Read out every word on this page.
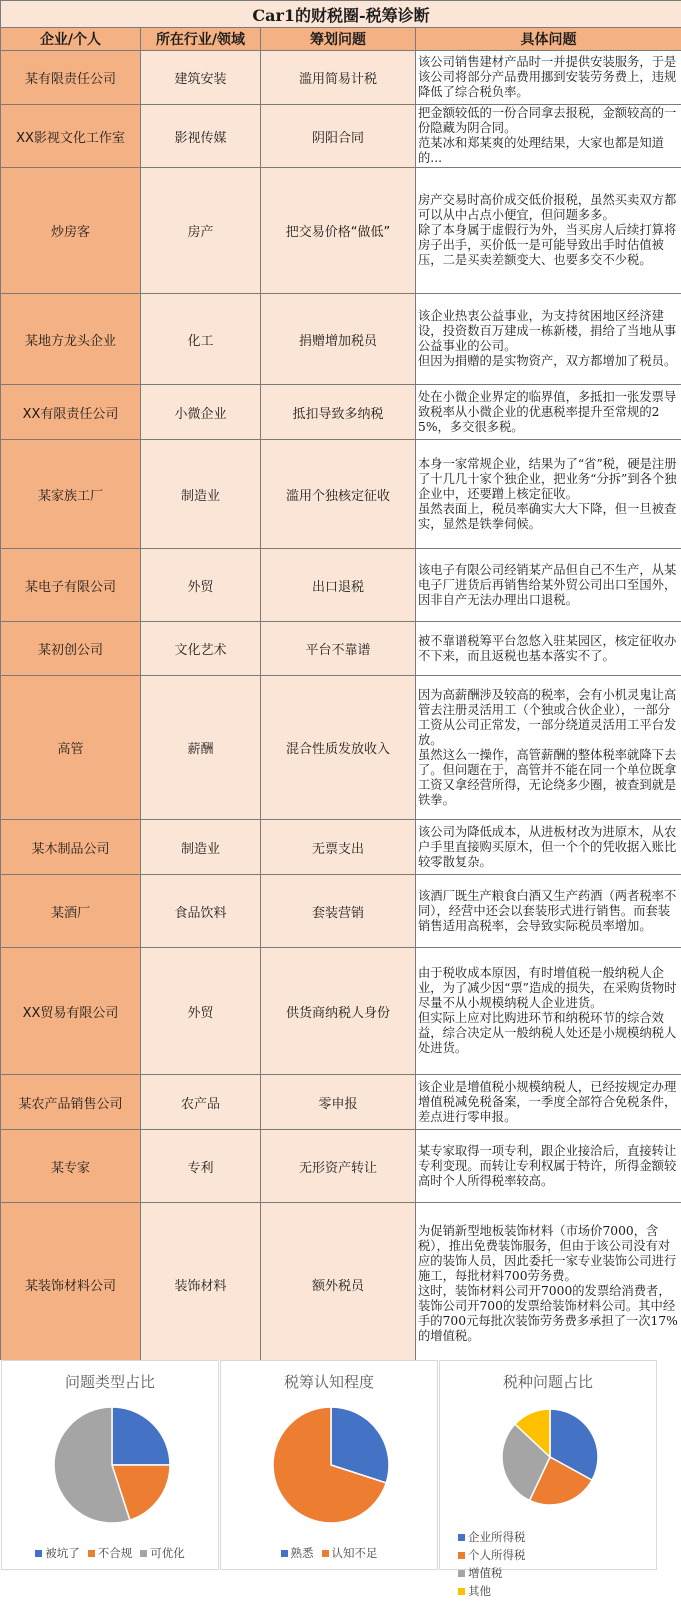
Car1的财税圈-税筹诊断			
企业/个人	所在行业/领域	筹划问题	具体问题
某有限责任公司	建筑安装	滥用简易计税	该公司销售建材产品时一并提供安装服务，于是该公司将部分产品费用挪到安装劳务费上，违规降低了综合税负率。

XX影视文化工作室	影视传媒	阴阳合同	把金额较低的一份合同拿去报税，金额较高的一份隐藏为阴合同。
范某冰和郑某爽的处理结果，大家也都是知道的...

炒房客	房产	把交易价格“做低”	房产交易时高价成交低价报税，虽然买卖双方都可以从中占点小便宜，但问题多多。
除了本身属于虚假行为外，当买房人后续打算将房子出手，买价低一是可能导致出手时估值被压，二是买卖差额变大、也要多交不少税。

某地方龙头企业	化工	捐赠增加税员	该企业热衷公益事业，为支持贫困地区经济建设，投资数百万建成一栋新楼，捐给了当地从事公益事业的公司。
但因为捐赠的是实物资产，双方都增加了税员。

XX有限责任公司	小微企业	抵扣导致多纳税	处在小微企业界定的临界值，多抵扣一张发票导致税率从小微企业的优惠税率提升至常规的25%，多交很多税。

某家族工厂	制造业	滥用个独核定征收	本身一家常规企业，结果为了“省”税，硬是注册了十几几十家个独企业，把业务“分拆”到各个独企业中，还要蹭上核定征收。
虽然表面上，税员率确实大大下降，但一旦被查实，显然是铁拳伺候。

某电子有限公司	外贸	出口退税	该电子有限公司经销某产品但自己不生产，从某电子厂进货后再销售给某外贸公司出口至国外，因非自产无法办理出口退税。

某初创公司	文化艺术	平台不靠谱	被不靠谱税筹平台忽悠入驻某园区，核定征收办不下来，而且返税也基本落实不了。

高管	薪酬	混合性质发放收入	因为高薪酬涉及较高的税率，会有小机灵鬼让高管去注册灵活用工（个独或合伙企业），一部分工资从公司正常发，一部分绕道灵活用工平台发放。
虽然这么一操作，高管薪酬的整体税率就降下去了。但问题在于，高管并不能在同一个单位既拿工资又拿经营所得，无论绕多少圈，被查到就是铁拳。

某木制品公司	制造业	无票支出	该公司为降低成本，从进板材改为进原木，从农户手里直接购买原木，但一个个的凭收据入账比较零散复杂。

某酒厂	食品饮料	套装营销	该酒厂既生产粮食白酒又生产药酒（两者税率不同），经营中还会以套装形式进行销售。而套装销售适用高税率，会导致实际税员率增加。

XX贸易有限公司	外贸	供货商纳税人身份	由于税收成本原因，有时增值税一般纳税人企业，为了减少因“票”造成的损失，在采购货物时尽量不从小规模纳税人企业进货。
但实际上应对比购进环节和纳税环节的综合效益，综合决定从一般纳税人处还是小规模纳税人处进货。

某农产品销售公司	农产品	零申报	该企业是增值税小规模纳税人，已经按规定办理增值税减免税备案，一季度全部符合免税条件，差点进行零申报。

某专家	专利	无形资产转让	某专家取得一项专利，跟企业接洽后，直接转让专利变现。而转让专利权属于特许，所得金额较高时个人所得税率较高。

某装饰材料公司	装饰材料	额外税员	为促销新型地板装饰材料（市场价7000，含税），推出免费装饰服务，但由于该公司没有对应的装饰人员，因此委托一家专业装饰公司进行施工，每批材料700劳务费。
这时，装饰材料公司开7000的发票给消费者，装饰公司开700的发票给装饰材料公司。其中经手的700元每批次装饰劳务费多承担了一次17%的增值税。
问题类型占比
被坑了 不合规 可优化
税筹认知程度
熟悉 认知不足
税种问题占比
企业所得税个人所得税增值税其他
